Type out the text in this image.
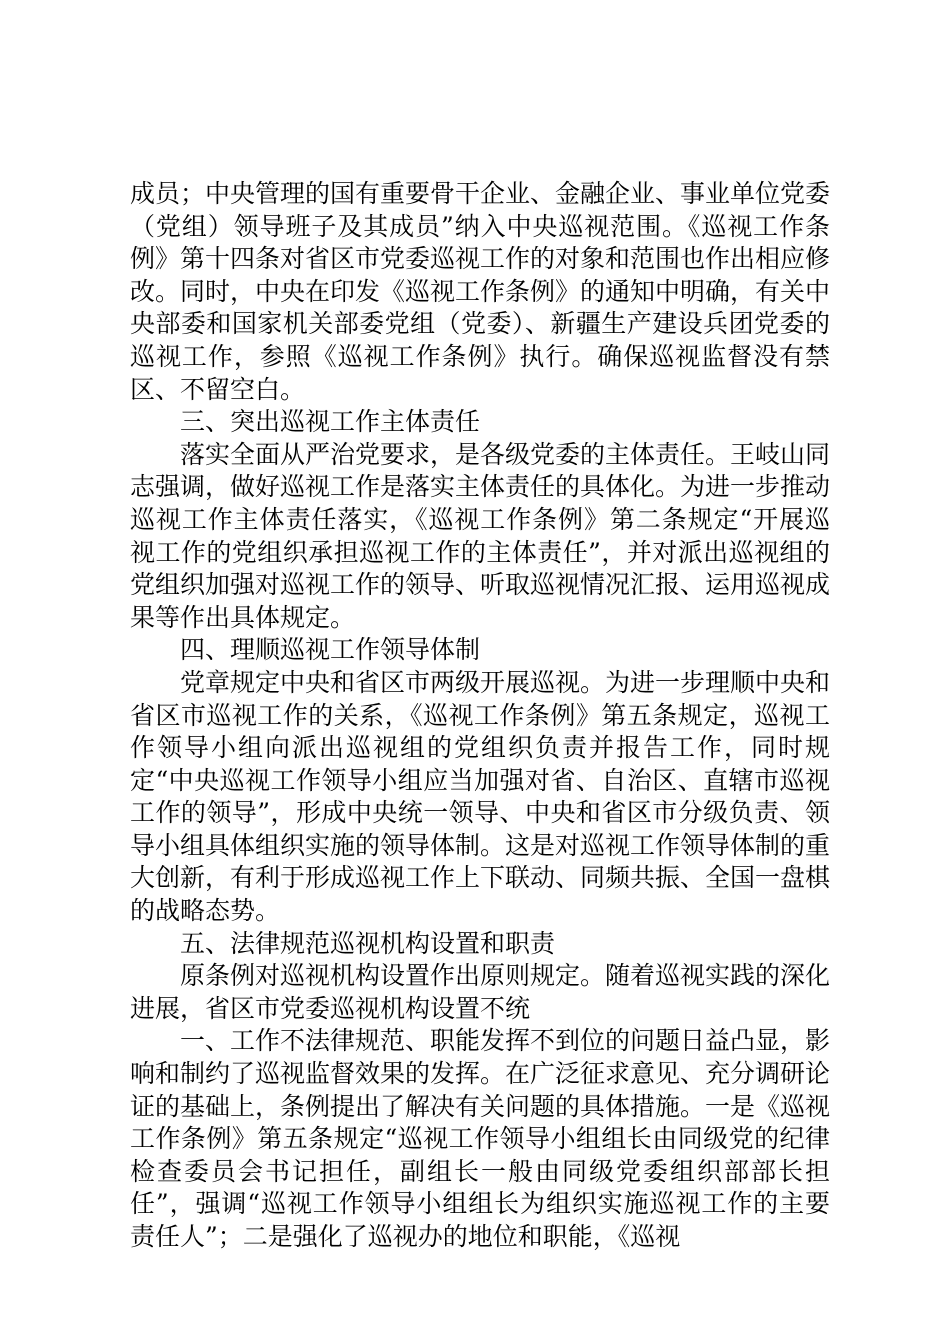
成员；中央管理的国有重要骨干企业、金融企业、事业单位党委（党组）领导班子及其成员”纳入中央巡视范围。《巡视工作条例》第十四条对省区市党委巡视工作的对象和范围也作出相应修改。同时，中央在印发《巡视工作条例》的通知中明确，有关中央部委和国家机关部委党组（党委）、新疆生产建设兵团党委的巡视工作，参照《巡视工作条例》执行。确保巡视监督没有禁区、不留空白。

三、突出巡视工作主体责任

落实全面从严治党要求，是各级党委的主体责任。王岐山同志强调，做好巡视工作是落实主体责任的具体化。为进一步推动巡视工作主体责任落实，《巡视工作条例》第二条规定“开展巡视工作的党组织承担巡视工作的主体责任”，并对派出巡视组的党组织加强对巡视工作的领导、听取巡视情况汇报、运用巡视成果等作出具体规定。

四、理顺巡视工作领导体制

党章规定中央和省区市两级开展巡视。为进一步理顺中央和省区市巡视工作的关系，《巡视工作条例》第五条规定，巡视工作领导小组向派出巡视组的党组织负责并报告工作，同时规定“中央巡视工作领导小组应当加强对省、自治区、直辖市巡视工作的领导”，形成中央统一领导、中央和省区市分级负责、领导小组具体组织实施的领导体制。这是对巡视工作领导体制的重大创新，有利于形成巡视工作上下联动、同频共振、全国一盘棋的战略态势。

五、法律规范巡视机构设置和职责

原条例对巡视机构设置作出原则规定。随着巡视实践的深化进展，省区市党委巡视机构设置不统

一、工作不法律规范、职能发挥不到位的问题日益凸显，影响和制约了巡视监督效果的发挥。在广泛征求意见、充分调研论证的基础上，条例提出了解决有关问题的具体措施。一是《巡视工作条例》第五条规定“巡视工作领导小组组长由同级党的纪律检查委员会书记担任，副组长一般由同级党委组织部部长担任”，强调“巡视工作领导小组组长为组织实施巡视工作的主要责任人”；二是强化了巡视办的地位和职能，《巡视
